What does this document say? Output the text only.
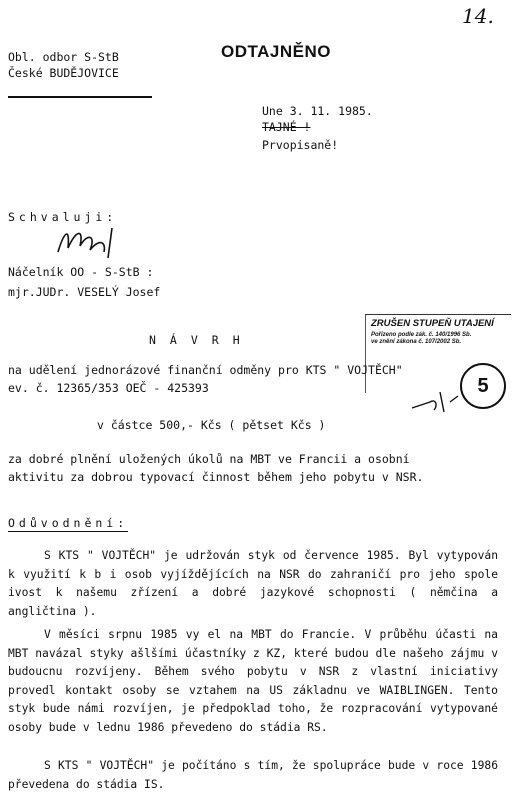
14.
Obl. odbor S-StB
České BUDĚJOVICE
ODTAJNĚNO
Une 3. 11. 1985.
TAJNÉ !
Prvopisaně!
Schvaluji:
Náčelník OO - S-StB :
mjr.JUDr. VESELÝ Josef
NÁVRH
ZRUŠEN STUPEŇ UTAJENÍ
Pořízeno podle zák. č. 140/1996 Sb.
ve znění zákona č. 107/2002 Sb.
5
na udělení jednorázové finanční odměny pro KTS " VOJTĚCH"
ev. č. 12365/353 OEČ - 425393
v částce 500,- Kčs ( pětset Kčs )
za dobré plnění uložených úkolů na MBT ve Francii a osobní
aktivitu za dobrou typovací činnost během jeho pobytu v NSR.
Odůvodnění:
S KTS " VOJTĚCH" je udržován styk od července 1985. Byl vytypován k využití k b i osob vyjíždějících na NSR do zahraničí pro jeho spole ivost k našemu zřízení a dobré jazykové schopnosti ( němčina a angličtina ).
V měsíci srpnu 1985 vy el na MBT do Francie. V průběhu účasti na MBT navázal styky ašlšími účastníky z KZ, které budou dle našeho zájmu v budoucnu rozvíjeny. Během svého pobytu v NSR z vlastní iniciativy provedl kontakt osoby se vztahem na US základnu ve WAIBLINGEN. Tento styk bude námi rozvíjen, je předpoklad toho, že rozpracování vytypované osoby bude v lednu 1986 převedeno do stádia RS.
S KTS " VOJTĚCH" je počítáno s tím, že spolupráce bude v roce 1986 převedena do stádia IS.
